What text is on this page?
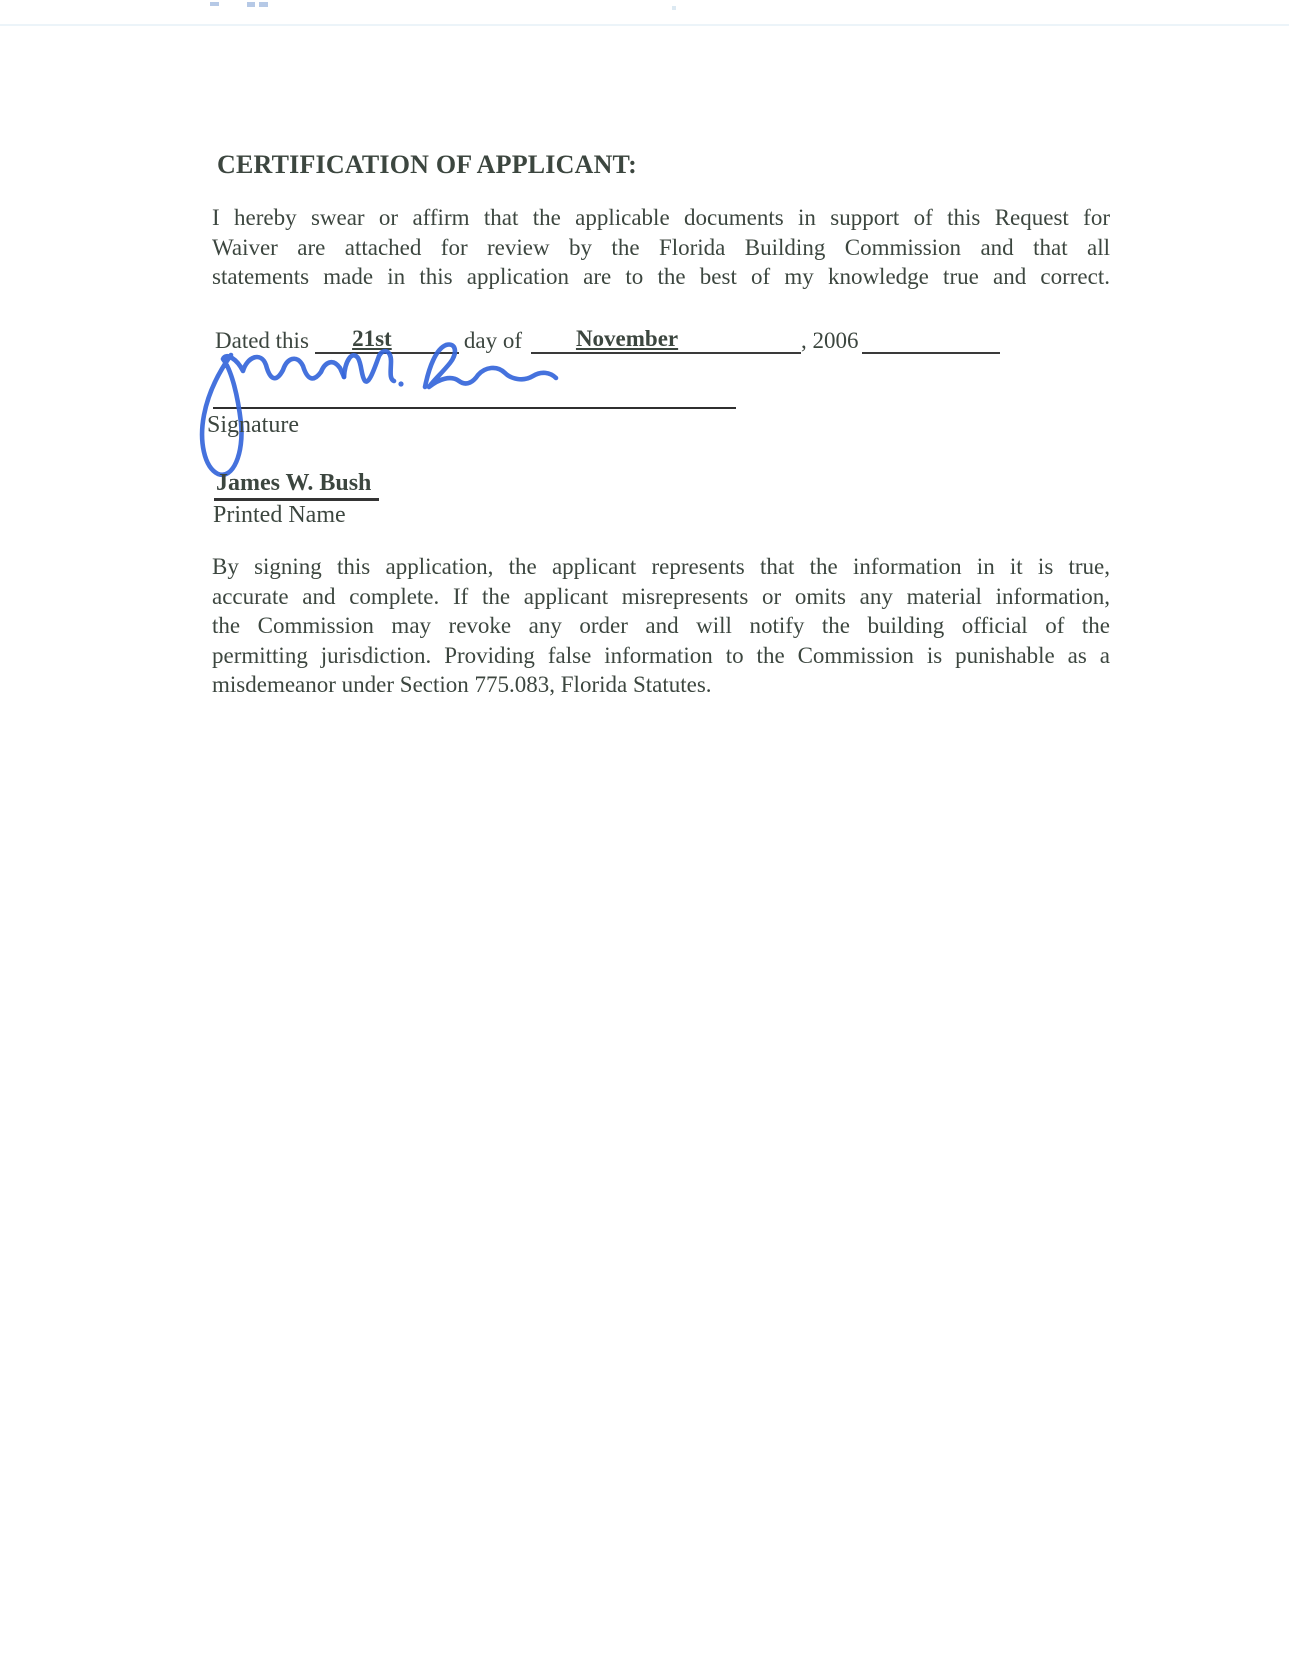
CERTIFICATION OF APPLICANT:
I hereby swear or affirm that the applicable documents in support of this Request for
Waiver are attached for review by the Florida Building Commission and that all
statements made in this application are to the best of my knowledge true and correct.
Dated this 21st	day of November	, 2006
Signature
James W. Bush
Printed Name
By signing this application, the applicant represents that the information in it is true,
accurate and complete. If the applicant misrepresents or omits any material information,
the Commission may revoke any order and will notify the building official of the
permitting jurisdiction. Providing false information to the Commission is punishable as a
misdemeanor under Section 775.083, Florida Statutes.
